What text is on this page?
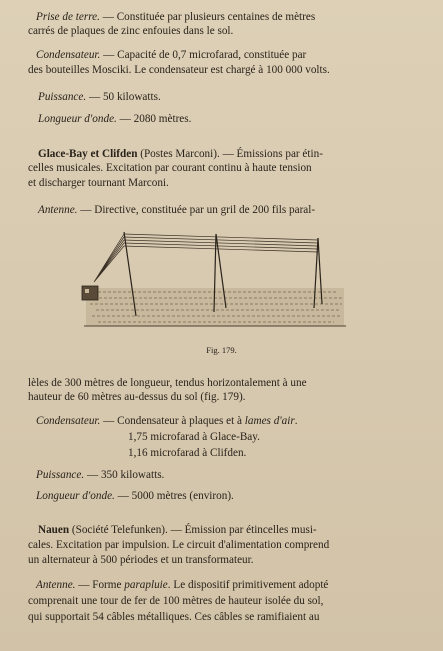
Prise de terre. — Constituée par plusieurs centaines de mètres
carrés de plaques de zinc enfouies dans le sol.
Condensateur. — Capacité de 0,7 microfarad, constituée par
des bouteilles Mosciki. Le condensateur est chargé à 100 000 volts.
Puissance. — 50 kilowatts.
Longueur d'onde. — 2080 mètres.
Glace-Bay et Clifden (Postes Marconi). — Émissions par étin-
celles musicales. Excitation par courant continu à haute tension
et discharger tournant Marconi.
Antenne. — Directive, constituée par un gril de 200 fils paral-
Fig. 179.
lèles de 300 mètres de longueur, tendus horizontalement à une
hauteur de 60 mètres au-dessus du sol (fig. 179).
Condensateur. — Condensateur à plaques et à lames d'air.
1,75 microfarad à Glace-Bay.
1,16 microfarad à Clifden.
Puissance. — 350 kilowatts.
Longueur d'onde. — 5000 mètres (environ).
Nauen (Société Telefunken). — Émission par étincelles musi-
cales. Excitation par impulsion. Le circuit d'alimentation comprend
un alternateur à 500 périodes et un transformateur.
Antenne. — Forme parapluie. Le dispositif primitivement adopté
comprenait une tour de fer de 100 mètres de hauteur isolée du sol,
qui supportait 54 câbles métalliques. Ces câbles se ramifiaient au
